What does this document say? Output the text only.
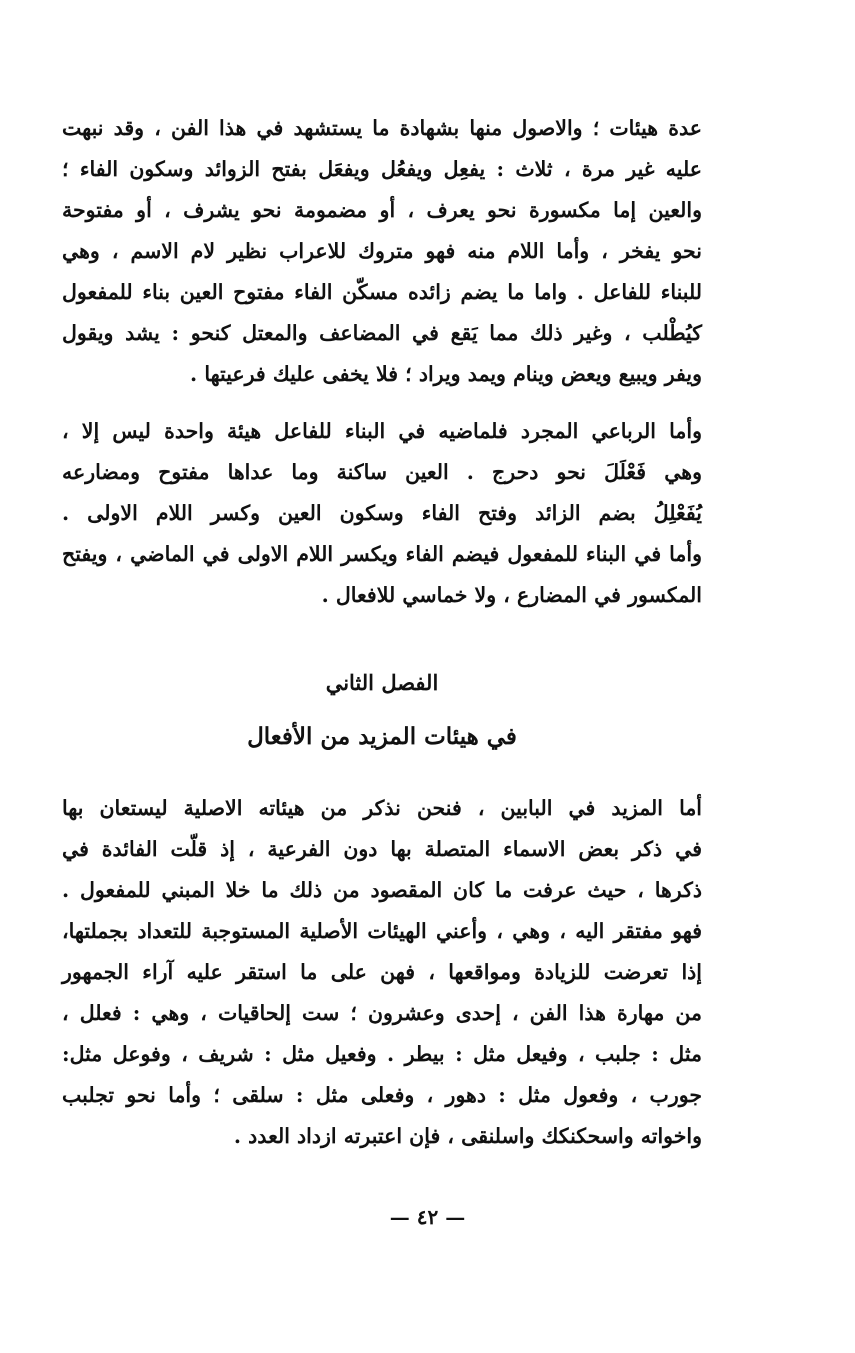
عدة هيئات ؛ والاصول منها بشهادة ما يستشهد في هذا الفن ، وقد نبهت
عليه غير مرة ، ثلاث : يفعِل ويفعُل ويفعَل بفتح الزوائد وسكون الفاء ؛
والعين إما مكسورة نحو يعرف ، أو مضمومة نحو يشرف ، أو مفتوحة
نحو يفخر ، وأما اللام منه فهو متروك للاعراب نظير لام الاسم ، وهي
للبناء للفاعل . واما ما يضم زائده مسكّن الفاء مفتوح العين بناء للمفعول
كيُطْلب ، وغير ذلك مما يَقع في المضاعف والمعتل كنحو : يشد ويقول
ويفر ويبيع ويعض وينام ويمد ويراد ؛ فلا يخفى عليك فرعيتها .
وأما الرباعي المجرد فلماضيه في البناء للفاعل هيئة واحدة ليس إلا ،
وهي فَعْلَلَ نحو دحرج . العين ساكنة وما عداها مفتوح ومضارعه
يُفَعْلِلُ بضم الزائد وفتح الفاء وسكون العين وكسر اللام الاولى .
وأما في البناء للمفعول فيضم الفاء ويكسر اللام الاولى في الماضي ، ويفتح
المكسور في المضارع ، ولا خماسي للافعال .
الفصل الثاني
في هيئات المزيد من الأفعال
أما المزيد في البابين ، فنحن نذكر من هيئاته الاصلية ليستعان بها
في ذكر بعض الاسماء المتصلة بها دون الفرعية ، إذ قلّت الفائدة في
ذكرها ، حيث عرفت ما كان المقصود من ذلك ما خلا المبني للمفعول .
فهو مفتقر اليه ، وهي ، وأعني الهيئات الأصلية المستوجبة للتعداد بجملتها،
إذا تعرضت للزيادة ومواقعها ، فهن على ما استقر عليه آراء الجمهور
من مهارة هذا الفن ، إحدى وعشرون ؛ ست إلحاقيات ، وهي : فعلل ،
مثل : جلبب ، وفيعل مثل : بيطر . وفعيل مثل : شريف ، وفوعل مثل:
جورب ، وفعول مثل : دهور ، وفعلى مثل : سلقى ؛ وأما نحو تجلبب
واخواته واسحكنكك واسلنقى ، فإن اعتبرته ازداد العدد .
— ٤٢ —
